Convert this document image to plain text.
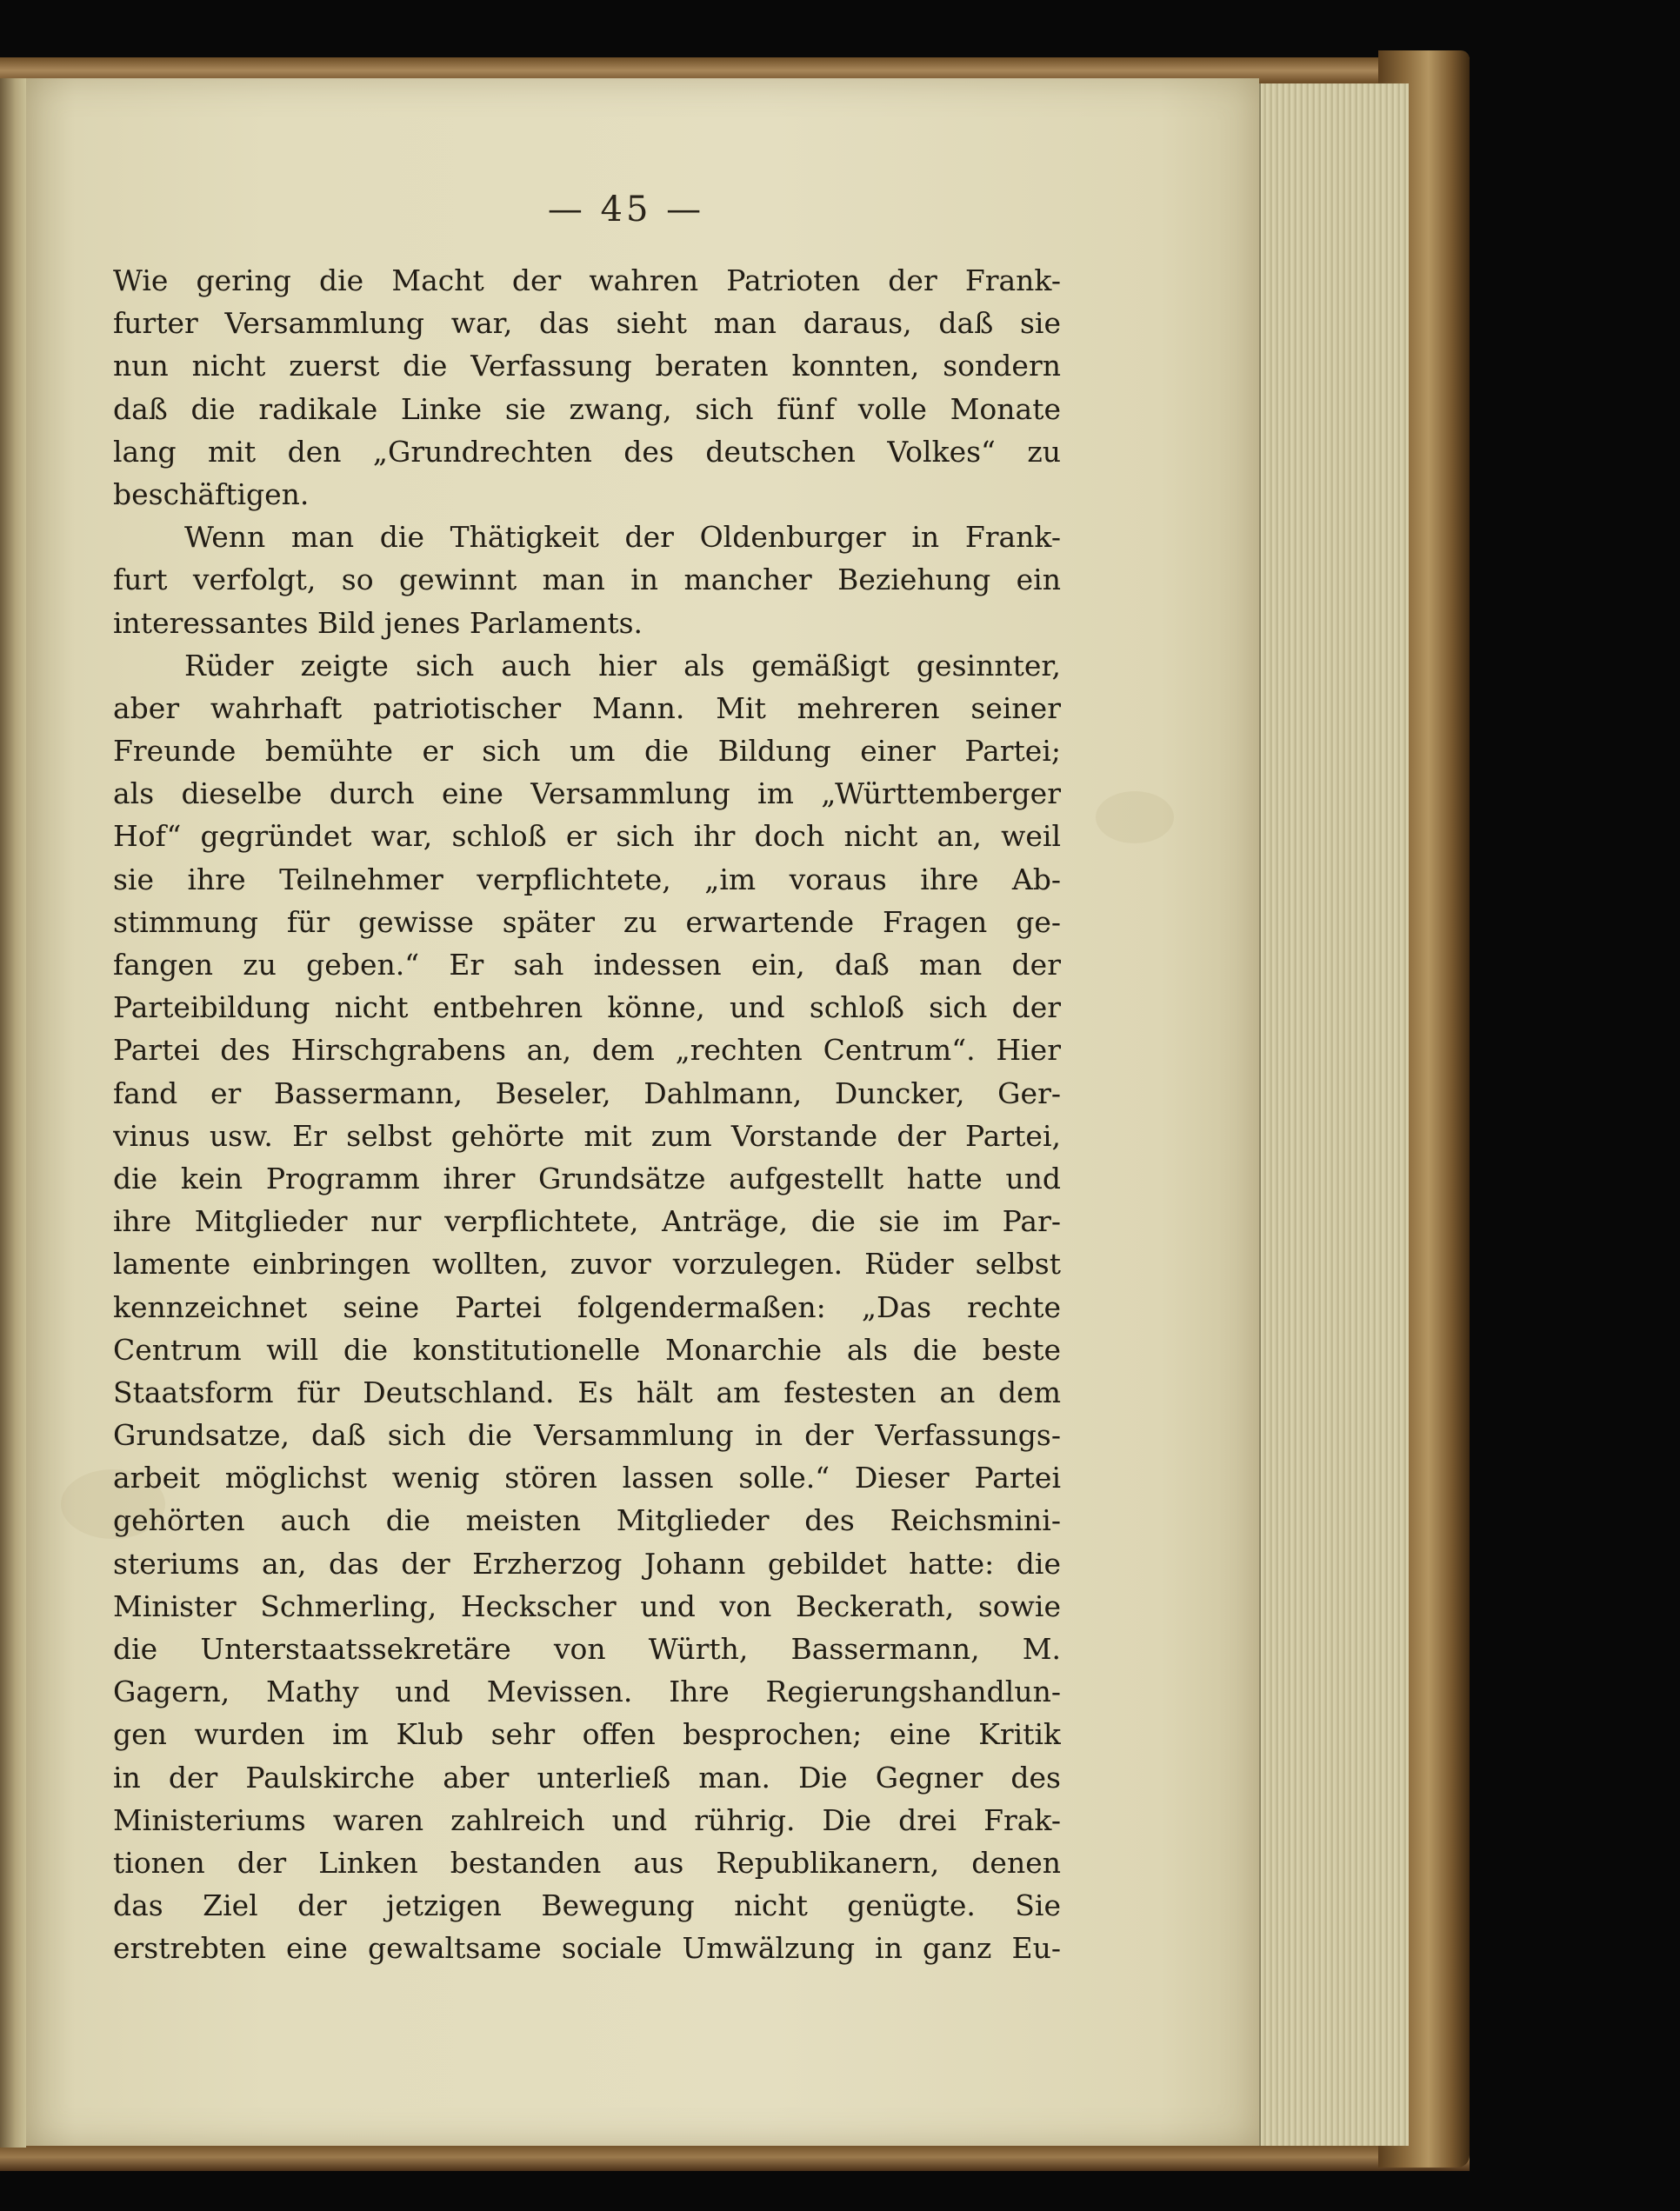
— 45 —
Wie gering die Macht der wahren Patrioten der Frank-
furter Versammlung war, das sieht man daraus, daß sie
nun nicht zuerst die Verfassung beraten konnten, sondern
daß die radikale Linke sie zwang, sich fünf volle Monate
lang mit den „Grundrechten des deutschen Volkes“ zu
beschäftigen.
Wenn man die Thätigkeit der Oldenburger in Frank-
furt verfolgt, so gewinnt man in mancher Beziehung ein
interessantes Bild jenes Parlaments.
Rüder zeigte sich auch hier als gemäßigt gesinnter,
aber wahrhaft patriotischer Mann. Mit mehreren seiner
Freunde bemühte er sich um die Bildung einer Partei;
als dieselbe durch eine Versammlung im „Württemberger
Hof“ gegründet war, schloß er sich ihr doch nicht an, weil
sie ihre Teilnehmer verpflichtete, „im voraus ihre Ab-
stimmung für gewisse später zu erwartende Fragen ge-
fangen zu geben.“ Er sah indessen ein, daß man der
Parteibildung nicht entbehren könne, und schloß sich der
Partei des Hirschgrabens an, dem „rechten Centrum“. Hier
fand er Bassermann, Beseler, Dahlmann, Duncker, Ger-
vinus usw. Er selbst gehörte mit zum Vorstande der Partei,
die kein Programm ihrer Grundsätze aufgestellt hatte und
ihre Mitglieder nur verpflichtete, Anträge, die sie im Par-
lamente einbringen wollten, zuvor vorzulegen. Rüder selbst
kennzeichnet seine Partei folgendermaßen: „Das rechte
Centrum will die konstitutionelle Monarchie als die beste
Staatsform für Deutschland. Es hält am festesten an dem
Grundsatze, daß sich die Versammlung in der Verfassungs-
arbeit möglichst wenig stören lassen solle.“ Dieser Partei
gehörten auch die meisten Mitglieder des Reichsmini-
steriums an, das der Erzherzog Johann gebildet hatte: die
Minister Schmerling, Heckscher und von Beckerath, sowie
die Unterstaatssekretäre von Würth, Bassermann, M.
Gagern, Mathy und Mevissen. Ihre Regierungshandlun-
gen wurden im Klub sehr offen besprochen; eine Kritik
in der Paulskirche aber unterließ man. Die Gegner des
Ministeriums waren zahlreich und rührig. Die drei Frak-
tionen der Linken bestanden aus Republikanern, denen
das Ziel der jetzigen Bewegung nicht genügte. Sie
erstrebten eine gewaltsame sociale Umwälzung in ganz Eu-
